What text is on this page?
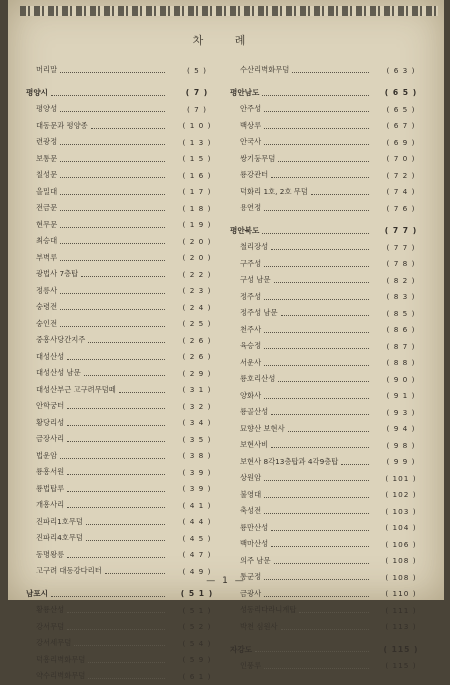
차 례
머리말	( 5 )
평양시	( 7 )
평양성	( 7 )
대동문과 평양종	( 1 0 )
련광정	( 1 3 )
보통문	( 1 5 )
칠성문	( 1 6 )
을밀대	( 1 7 )
전금문	( 1 8 )
현무문	( 1 9 )
최승대	( 2 0 )
부벽루	( 2 0 )
광법사 7층탑	( 2 2 )
정릉사	( 2 3 )
숭령전	( 2 4 )
숭인전	( 2 5 )
중흥사당간지주	( 2 6 )
대성산성	( 2 6 )
대성산성 남문	( 2 9 )
대성산부근 고구려무덤떼	( 3 1 )
안학궁터	( 3 2 )
황당리성	( 3 4 )
금장사리	( 3 5 )
법운암	( 3 8 )
룡흥서원	( 3 9 )
룡법탑루	( 3 9 )
개흥사리	( 4 1 )
진파리1호무덤	( 4 4 )
진파리4호무덤	( 4 5 )
동명왕릉	( 4 7 )
고구려 대동강다리터	( 4 9 )
남포시	( 5 1 )
황룡산성	( 5 1 )
강서무덤	( 5 2 )
강서세무덤	( 5 4 )
덕흥리벽화무덤	( 5 9 )
약수리벽화무덤	( 6 1 )
수산리벽화무덤	( 6 3 )
평안남도	( 6 5 )
안주성	( 6 5 )
백상루	( 6 7 )
안국사	( 6 9 )
쌍기둥무덤	( 7 0 )
룡강관터	( 7 2 )
덕화리 1호, 2호 무덤	( 7 4 )
용연정	( 7 6 )
평안북도	( 7 7 )
철리장성	( 7 7 )
구주성	( 7 8 )
구성 남문	( 8 2 )
정주성	( 8 3 )
정주성 남문	( 8 5 )
천주사	( 8 6 )
육승정	( 8 7 )
서운사	( 8 8 )
룡호리산성	( 9 0 )
양화사	( 9 1 )
룡골산성	( 9 3 )
묘향산 보현사	( 9 4 )
보현사비	( 9 8 )
보현사 8각13층탑과 4각9층탑	( 9 9 )
상원암	( 101 )
불영대	( 102 )
축성전	( 103 )
룡만산성	( 104 )
백마산성	( 106 )
의주 남문	( 108 )
통군정	( 108 )
금광사	( 110 )
성동리다라니계탑	( 111 )
박천 심원사	( 113 )
자강도	( 115 )
인풍루	( 115 )
— 1 —
